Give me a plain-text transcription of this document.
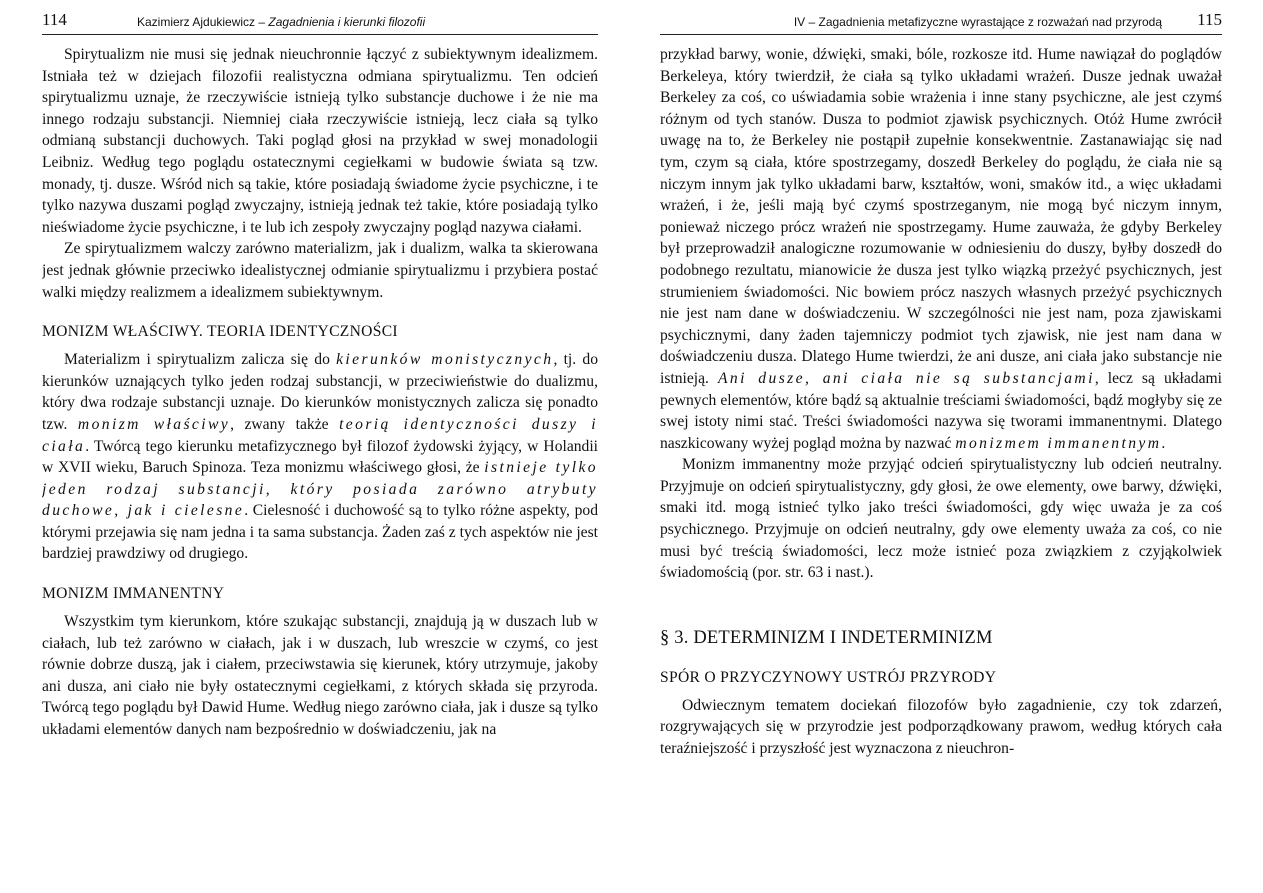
114	Kazimierz Ajdukiewicz – Zagadnienia i kierunki filozofii

Spirytualizm nie musi się jednak nieuchronnie łączyć z subiektywnym idealizmem. Istniała też w dziejach filozofii realistyczna odmiana spirytualizmu. Ten odcień spirytualizmu uznaje, że rzeczywiście istnieją tylko substancje duchowe i że nie ma innego rodzaju substancji. Niemniej ciała rzeczywiście istnieją, lecz ciała są tylko odmianą substancji duchowych. Taki pogląd głosi na przykład w swej monadologii Leibniz. Według tego poglądu ostatecznymi cegiełkami w budowie świata są tzw. monady, tj. dusze. Wśród nich są takie, które posiadają świadome życie psychiczne, i te tylko nazywa duszami pogląd zwyczajny, istnieją jednak też takie, które posiadają tylko nieświadome życie psychiczne, i te lub ich zespoły zwyczajny pogląd nazywa ciałami.

Ze spirytualizmem walczy zarówno materializm, jak i dualizm, walka ta skierowana jest jednak głównie przeciwko idealistycznej odmianie spirytualizmu i przybiera postać walki między realizmem a idealizmem subiektywnym.

MONIZM WŁAŚCIWY. TEORIA IDENTYCZNOŚCI

Materializm i spirytualizm zalicza się do kierunków monistycznych, tj. do kierunków uznających tylko jeden rodzaj substancji, w przeciwieństwie do dualizmu, który dwa rodzaje substancji uznaje. Do kierunków monistycznych zalicza się ponadto tzw. monizm właściwy, zwany także teorią identyczności duszy i ciała. Twórcą tego kierunku metafizycznego był filozof żydowski żyjący, w Holandii w XVII wieku, Baruch Spinoza. Teza monizmu właściwego głosi, że istnieje tylko jeden rodzaj substancji, który posiada zarówno atrybuty duchowe, jak i cielesne. Cielesność i duchowość są to tylko różne aspekty, pod którymi przejawia się nam jedna i ta sama substancja. Żaden zaś z tych aspektów nie jest bardziej prawdziwy od drugiego.

MONIZM IMMANENTNY

Wszystkim tym kierunkom, które szukając substancji, znajdują ją w duszach lub w ciałach, lub też zarówno w ciałach, jak i w duszach, lub wreszcie w czymś, co jest równie dobrze duszą, jak i ciałem, przeciwstawia się kierunek, który utrzymuje, jakoby ani dusza, ani ciało nie były ostatecznymi cegiełkami, z których składa się przyroda. Twórcą tego poglądu był Dawid Hume. Według niego zarówno ciała, jak i dusze są tylko układami elementów danych nam bezpośrednio w doświadczeniu, jak na

IV – Zagadnienia metafizyczne wyrastające z rozważań nad przyrodą 115

przykład barwy, wonie, dźwięki, smaki, bóle, rozkosze itd. Hume nawiązał do poglądów Berkeleya, który twierdził, że ciała są tylko układami wrażeń. Dusze jednak uważał Berkeley za coś, co uświadamia sobie wrażenia i inne stany psychiczne, ale jest czymś różnym od tych stanów. Dusza to podmiot zjawisk psychicznych. Otóż Hume zwrócił uwagę na to, że Berkeley nie postąpił zupełnie konsekwentnie. Zastanawiając się nad tym, czym są ciała, które spostrzegamy, doszedł Berkeley do poglądu, że ciała nie są niczym innym jak tylko układami barw, kształtów, woni, smaków itd., a więc układami wrażeń, i że, jeśli mają być czymś spostrzeganym, nie mogą być niczym innym, ponieważ niczego prócz wrażeń nie spostrzegamy. Hume zauważa, że gdyby Berkeley był przeprowadził analogiczne rozumowanie w odniesieniu do duszy, byłby doszedł do podobnego rezultatu, mianowicie że dusza jest tylko wiązką przeżyć psychicznych, jest strumieniem świadomości. Nic bowiem prócz naszych własnych przeżyć psychicznych nie jest nam dane w doświadczeniu. W szczególności nie jest nam, poza zjawiskami psychicznymi, dany żaden tajemniczy podmiot tych zjawisk, nie jest nam dana w doświadczeniu dusza. Dlatego Hume twierdzi, że ani dusze, ani ciała jako substancje nie istnieją. Ani dusze, ani ciała nie są substancjami, lecz są układami pewnych elementów, które bądź są aktualnie treściami świadomości, bądź mogłyby się ze swej istoty nimi stać. Treści świadomości nazywa się tworami immanentnymi. Dlatego naszkicowany wyżej pogląd można by nazwać monizmem immanentnym.

Monizm immanentny może przyjąć odcień spirytualistyczny lub odcień neutralny. Przyjmuje on odcień spirytualistyczny, gdy głosi, że owe elementy, owe barwy, dźwięki, smaki itd. mogą istnieć tylko jako treści świadomości, gdy więc uważa je za coś psychicznego. Przyjmuje on odcień neutralny, gdy owe elementy uważa za coś, co nie musi być treścią świadomości, lecz może istnieć poza związkiem z czyjąkolwiek świadomością (por. str. 63 i nast.).

§ 3. DETERMINIZM I INDETERMINIZM
SPÓR O PRZYCZYNOWY USTRÓJ PRZYRODY

Odwiecznym tematem dociekań filozofów było zagadnienie, czy tok zdarzeń, rozgrywających się w przyrodzie jest podporządkowany prawom, według których cała teraźniejszość i przyszłość jest wyznaczona z nieuchron-
